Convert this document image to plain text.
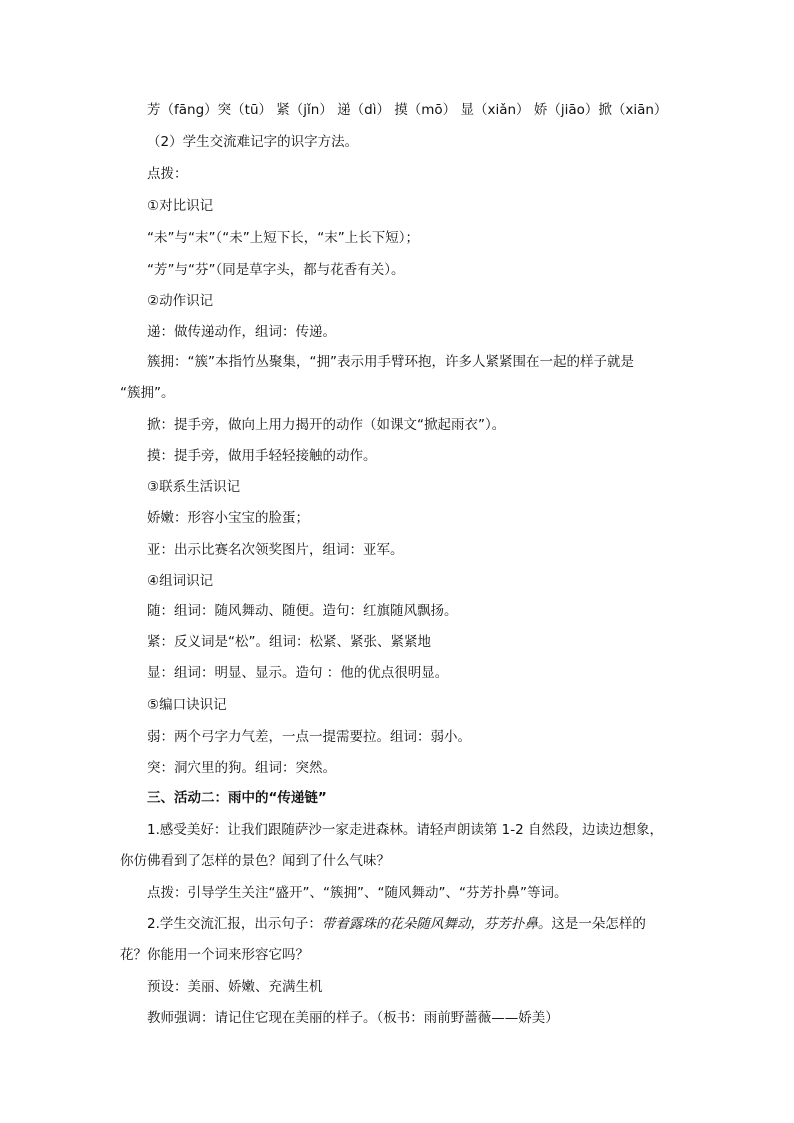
芳（fāng）突（tū） 紧（jǐn） 递（dì） 摸（mō） 显（xiǎn） 娇（jiāo）掀（xiān）
（2）学生交流难记字的识字方法。
点拨：
①对比识记
“未”与“末”（“未”上短下长，“末”上长下短）；
“芳”与“芬”（同是草字头，都与花香有关）。
②动作识记
递：做传递动作，组词：传递。
簇拥：“簇”本指竹丛聚集，“拥”表示用手臂环抱，许多人紧紧围在一起的样子就是
“簇拥”。
掀：提手旁，做向上用力揭开的动作（如课文“掀起雨衣”）。
摸：提手旁，做用手轻轻接触的动作。
③联系生活识记
娇嫩：形容小宝宝的脸蛋；
亚：出示比赛名次领奖图片，组词：亚军。
④组词识记
随：组词：随风舞动、随便。造句：红旗随风飘扬。
紧：反义词是“松”。组词：松紧、紧张、紧紧地
显：组词：明显、显示。造句 ：他的优点很明显。
⑤编口诀识记
弱：两个弓字力气差，一点一提需要拉。组词：弱小。
突：洞穴里的狗。组词：突然。
三、活动二：雨中的“传递链”
1.感受美好：让我们跟随萨沙一家走进森林。请轻声朗读第 1-2 自然段，边读边想象，
你仿佛看到了怎样的景色？闻到了什么气味？
点拨：引导学生关注“盛开”、“簇拥”、“随风舞动”、“芬芳扑鼻”等词。
2.学生交流汇报，出示句子：带着露珠的花朵随风舞动，芬芳扑鼻。这是一朵怎样的
花？你能用一个词来形容它吗？
预设：美丽、娇嫩、充满生机
教师强调：请记住它现在美丽的样子。（板书：雨前野蔷薇——娇美）
